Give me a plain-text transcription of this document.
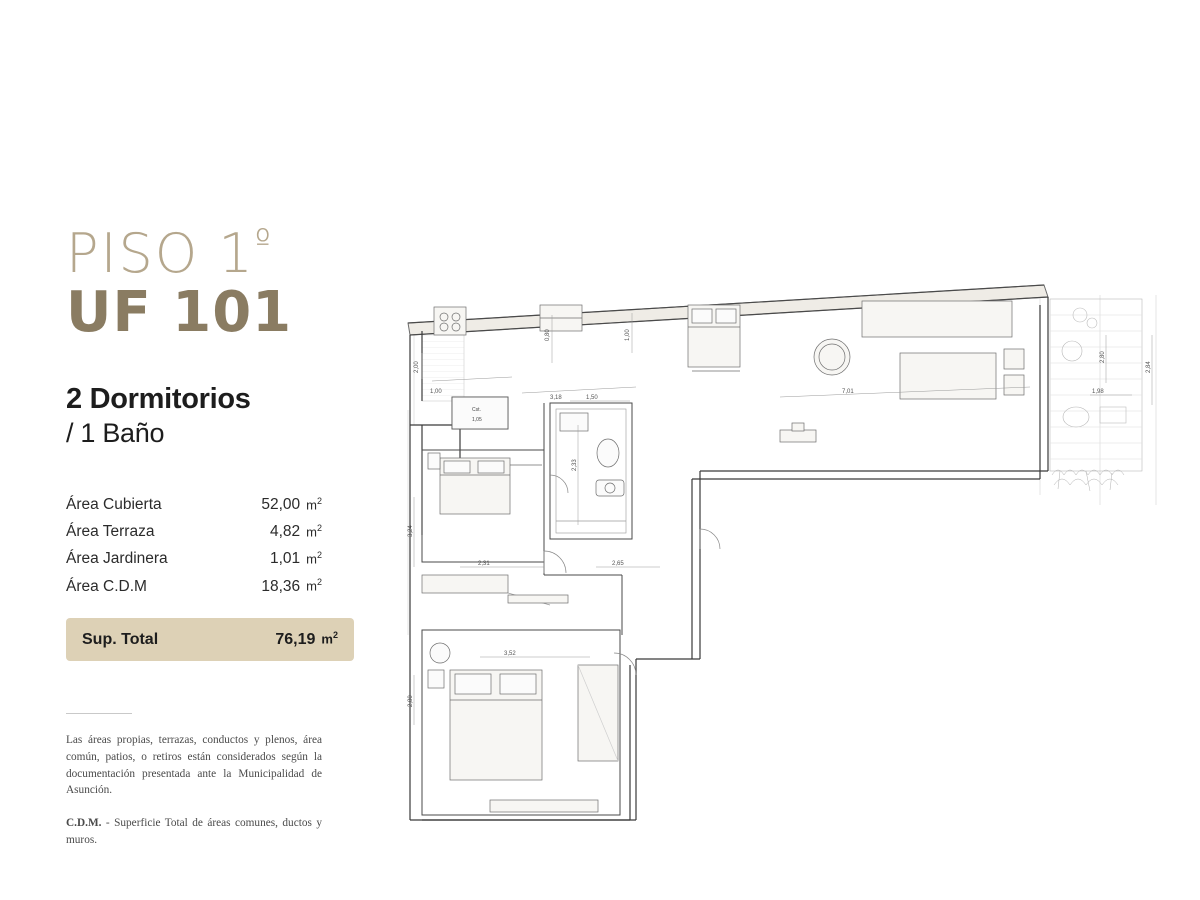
PISO $1^º$
UF 101
2 Dormitorios
/ 1 Baño
Área Cubierta	52,00 $m^2$
Área Terraza	4,82 $m^2$
Área Jardinera	1,01 $m^2$
Área C.D.M	18,36 $m^2$
Sup. Total	76,19 $m^2$
Las áreas propias, terrazas, conductos y plenos, área común, patios, o retiros están considerados según la documentación presentada ante la Municipalidad de Asunción.
C.D.M. - Superficie Total de áreas comunes, ductos y muros.
Cst.
1,05
2,00
1,00
0,80	1,00
3,18
7,01
2,80
2,84
1,98
1,50
2,33
3,24
2,31	2,65
3,52
2,80
